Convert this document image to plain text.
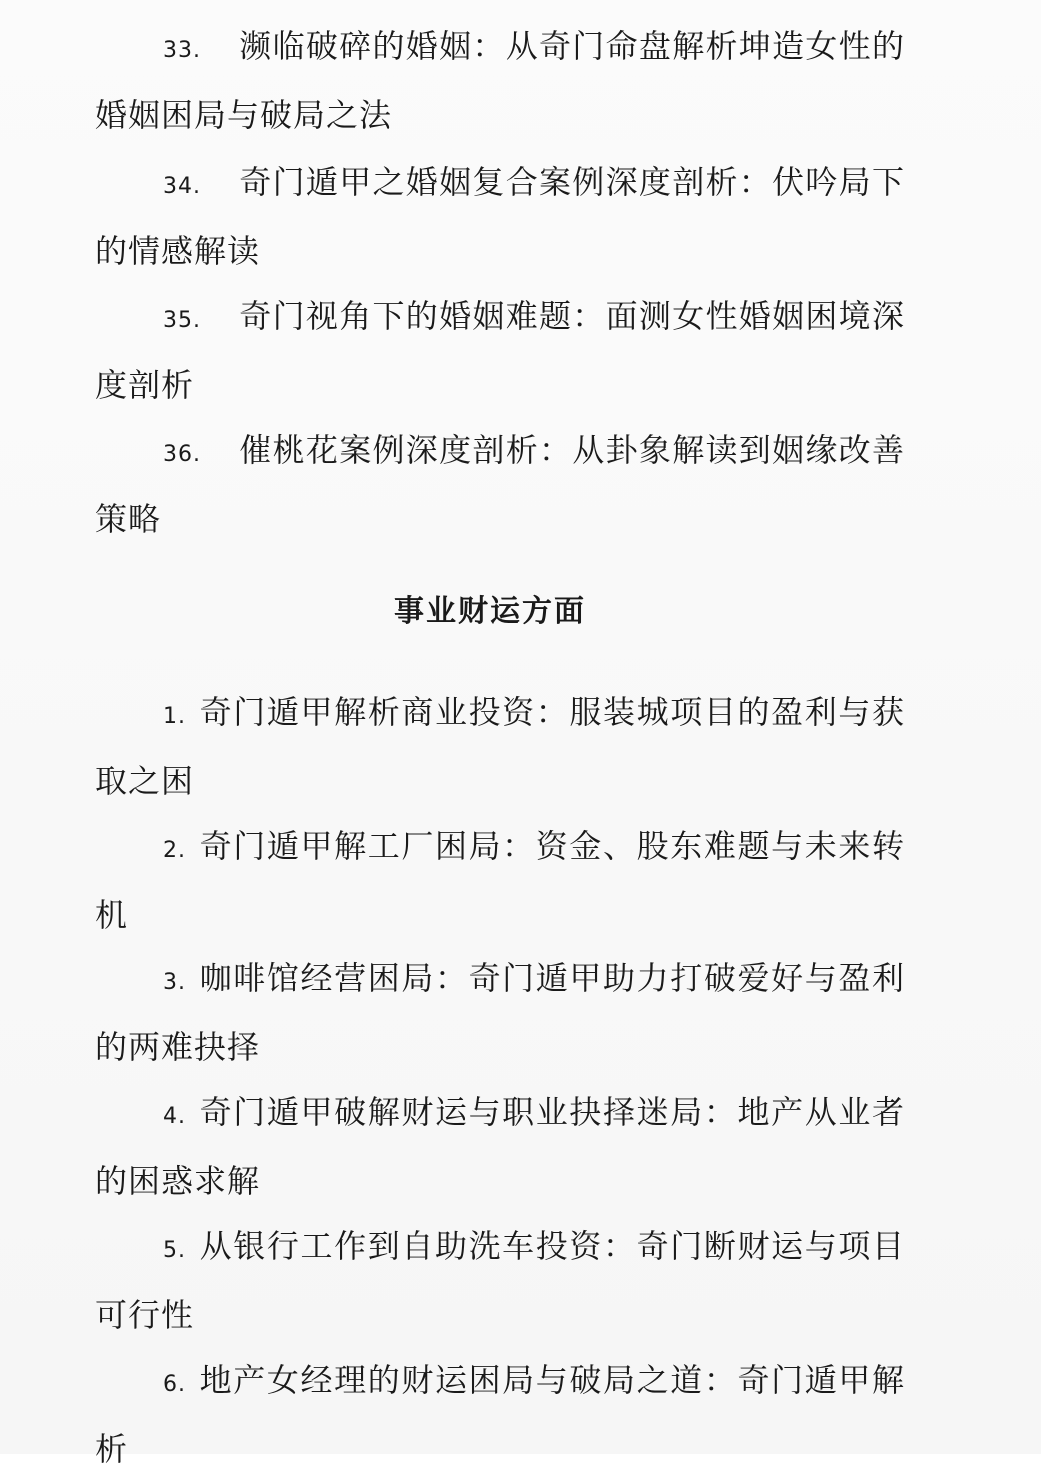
33. 濒临破碎的婚姻：从奇门命盘解析坤造女性的婚姻困局与破局之法
34. 奇门遁甲之婚姻复合案例深度剖析：伏吟局下的情感解读
35. 奇门视角下的婚姻难题：面测女性婚姻困境深度剖析
36. 催桃花案例深度剖析：从卦象解读到姻缘改善策略
事业财运方面
1. 奇门遁甲解析商业投资：服装城项目的盈利与获取之困
2. 奇门遁甲解工厂困局：资金、股东难题与未来转机
3. 咖啡馆经营困局：奇门遁甲助力打破爱好与盈利的两难抉择
4. 奇门遁甲破解财运与职业抉择迷局：地产从业者的困惑求解
5. 从银行工作到自助洗车投资：奇门断财运与项目可行性
6. 地产女经理的财运困局与破局之道：奇门遁甲解析
